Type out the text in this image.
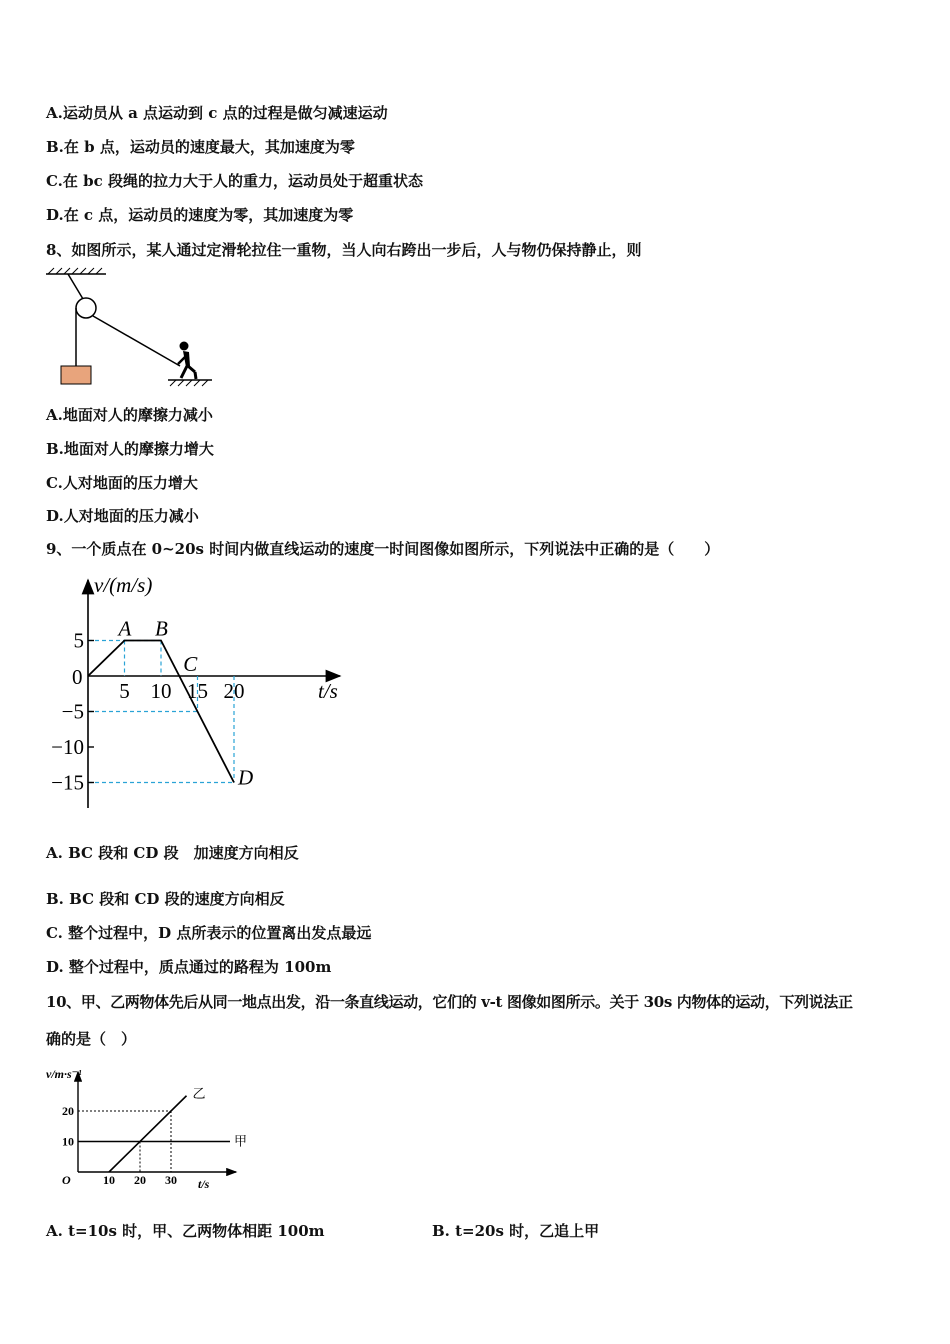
A.运动员从 a 点运动到 c 点的过程是做匀减速运动
B.在 b 点，运动员的速度最大，其加速度为零
C.在 bc 段绳的拉力大于人的重力，运动员处于超重状态
D.在 c 点，运动员的速度为零，其加速度为零
8、如图所示，某人通过定滑轮拉住一重物，当人向右跨出一步后，人与物仍保持静止，则
A.地面对人的摩擦力减小
B.地面对人的摩擦力增大
C.人对地面的压力增大
D.人对地面的压力减小
9、一个质点在 0~20s 时间内做直线运动的速度一时间图像如图所示，下列说法中正确的是（　　）
v/(m/s)
t/s
0
5 10 15 20
5
−5
−10
−15
A B
C
D
A. BC 段和 CD 段　加速度方向相反
B. BC 段和 CD 段的速度方向相反
C. 整个过程中，D 点所表示的位置离出发点最远
D. 整个过程中，质点通过的路程为 100m
10、甲、乙两物体先后从同一地点出发，沿一条直线运动，它们的 v-t 图像如图所示。关于 30s 内物体的运动，下列说法正
确的是（　）
v/m·s⁻¹
t/s
O	10 20 30
20
10	甲
乙
A. t=10s 时，甲、乙两物体相距 100m	B. t=20s 时，乙追上甲
